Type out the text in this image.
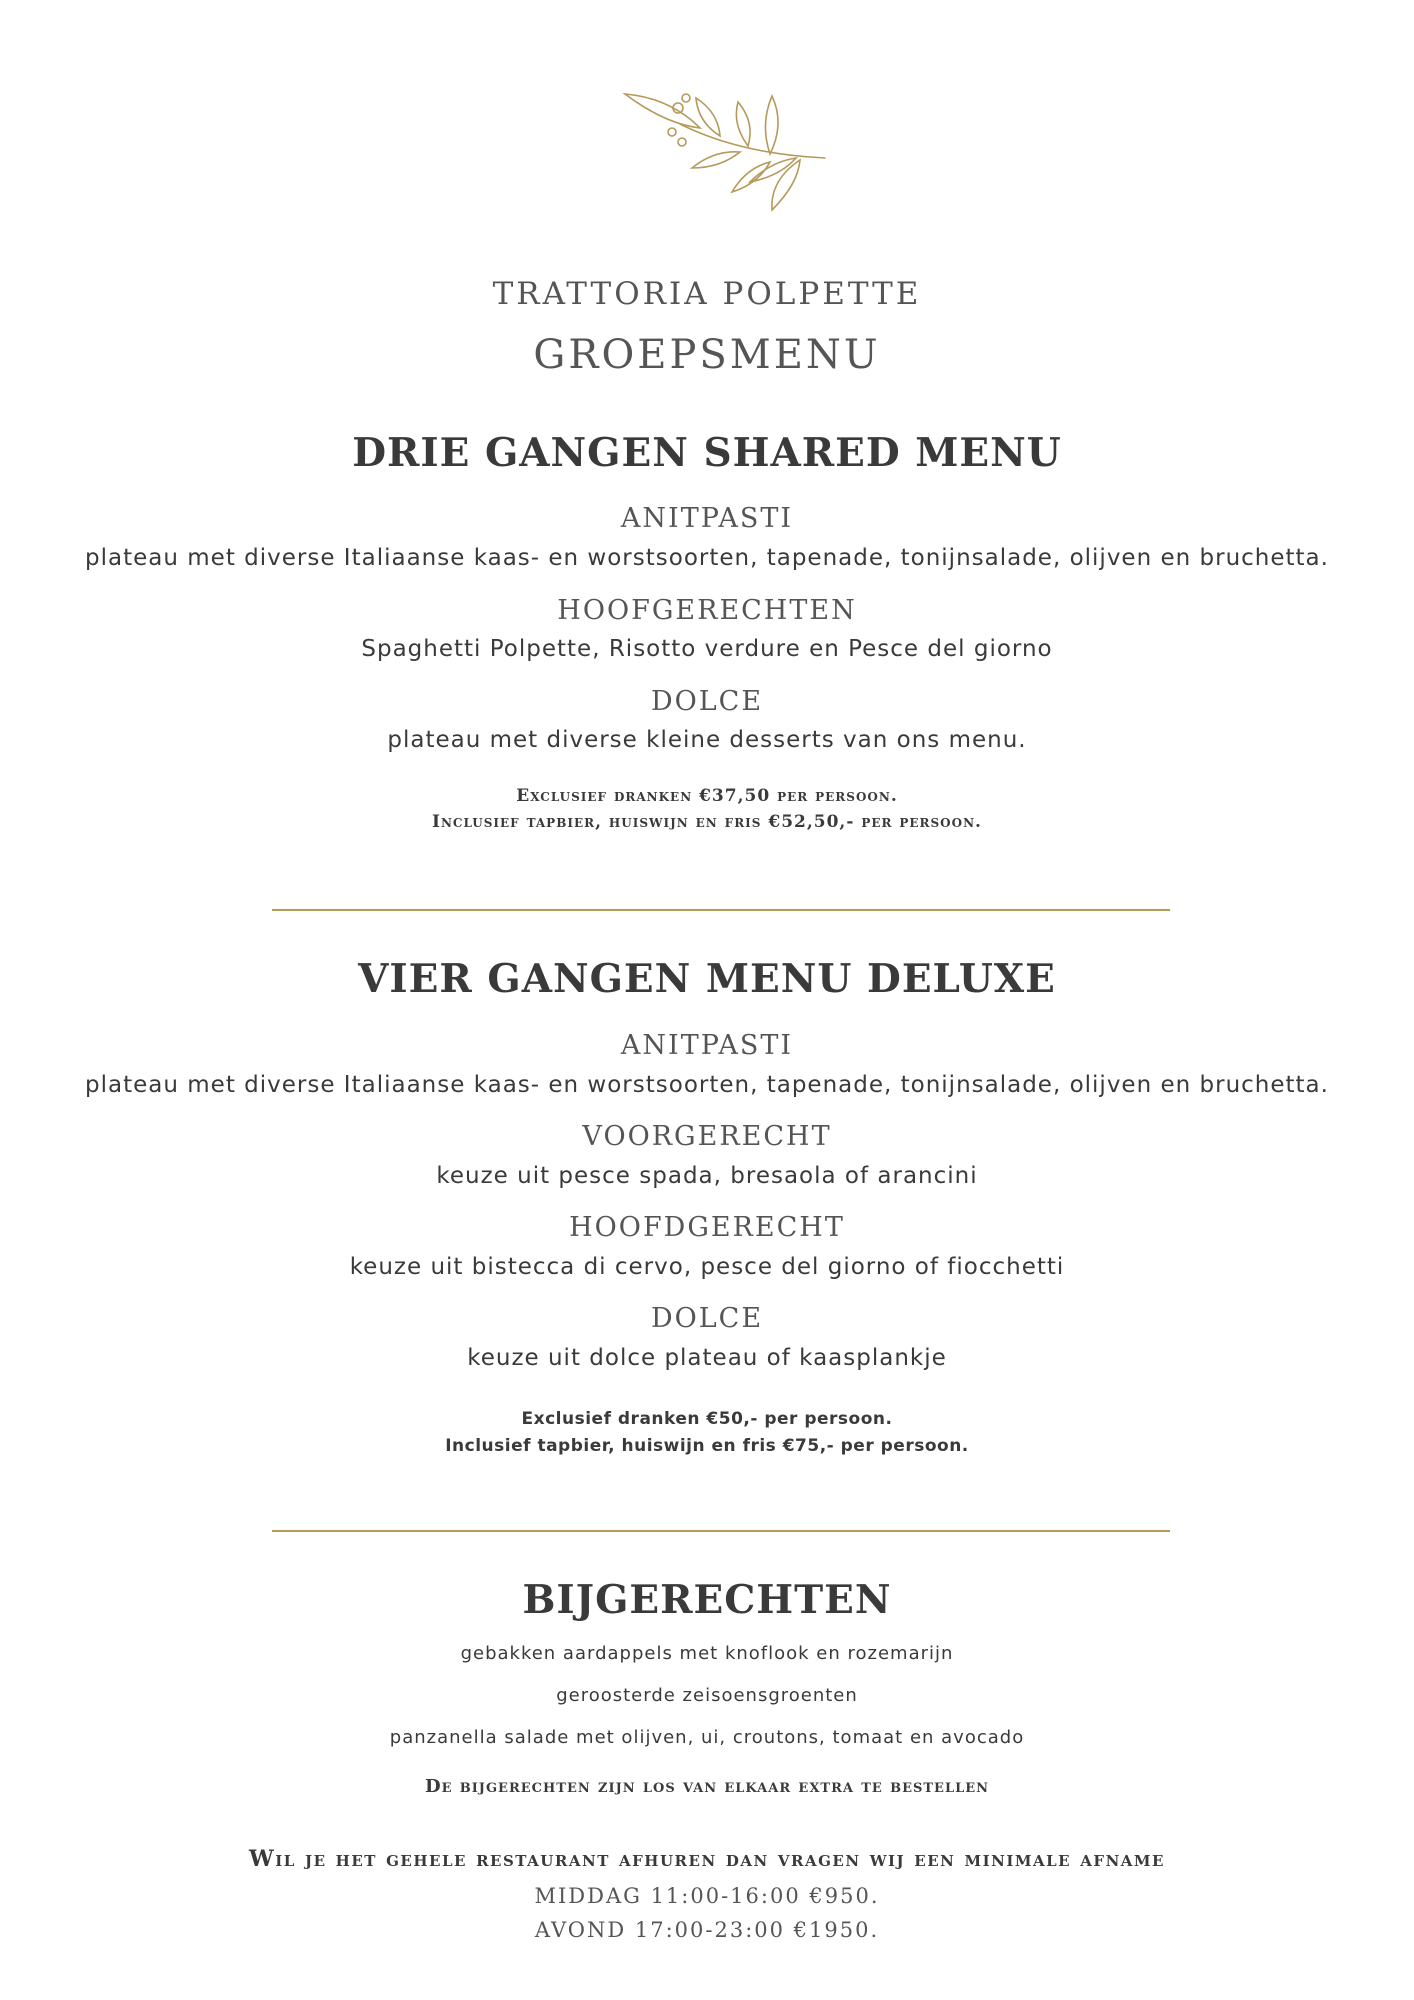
TRATTORIA POLPETTE
GROEPSMENU
DRIE GANGEN SHARED MENU
ANITPASTI
plateau met diverse Italiaanse kaas- en worstsoorten, tapenade, tonijnsalade, olijven en bruchetta.
HOOFGERECHTEN
Spaghetti Polpette, Risotto verdure en Pesce del giorno
DOLCE
plateau met diverse kleine desserts van ons menu.
Exclusief dranken €37,50 per persoon.
Inclusief tapbier, huiswijn en fris €52,50,- per persoon.
VIER GANGEN MENU DELUXE
ANITPASTI
plateau met diverse Italiaanse kaas- en worstsoorten, tapenade, tonijnsalade, olijven en bruchetta.
VOORGERECHT
keuze uit pesce spada, bresaola of arancini
HOOFDGERECHT
keuze uit bistecca di cervo, pesce del giorno of fiocchetti
DOLCE
keuze uit dolce plateau of kaasplankje
Exclusief dranken €50,- per persoon.
Inclusief tapbier, huiswijn en fris €75,- per persoon.
BIJGERECHTEN
gebakken aardappels met knoflook en rozemarijn
geroosterde zeisoensgroenten
panzanella salade met olijven, ui, croutons, tomaat en avocado
De bijgerechten zijn los van elkaar extra te bestellen
Wil je het gehele restaurant afhuren dan vragen wij een minimale afname
MIDDAG 11:00-16:00 €950.
AVOND 17:00-23:00 €1950.
